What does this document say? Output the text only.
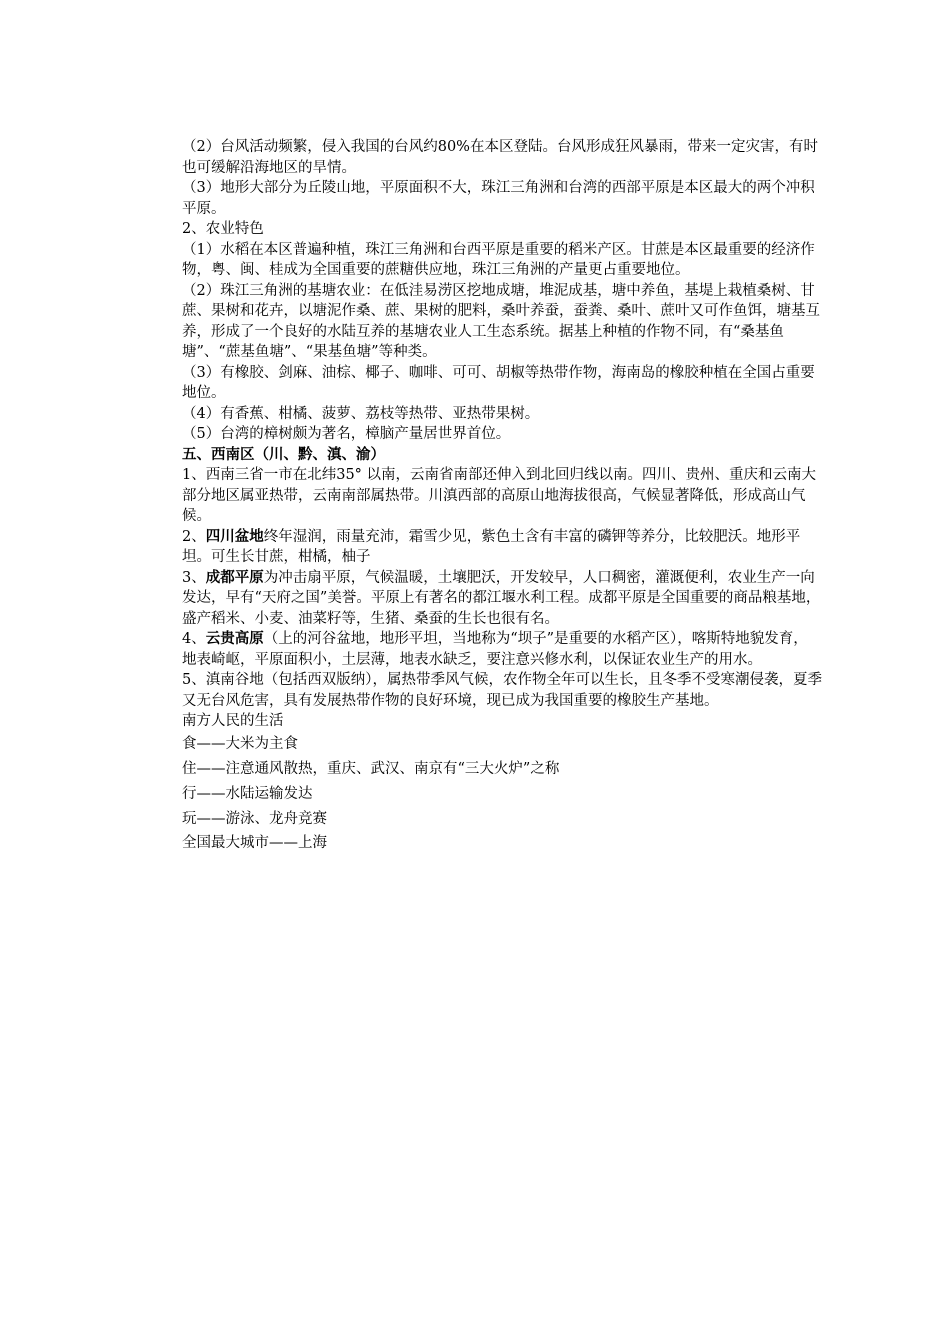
（2）台风活动频繁，侵入我国的台风约80%在本区登陆。台风形成狂风暴雨，带来一定灾害，有时也可缓解沿海地区的旱情。

（3）地形大部分为丘陵山地，平原面积不大，珠江三角洲和台湾的西部平原是本区最大的两个冲积平原。

2、农业特色

（1）水稻在本区普遍种植，珠江三角洲和台西平原是重要的稻米产区。甘蔗是本区最重要的经济作物，粤、闽、桂成为全国重要的蔗糖供应地，珠江三角洲的产量更占重要地位。

（2）珠江三角洲的基塘农业：在低洼易涝区挖地成塘，堆泥成基，塘中养鱼，基堤上栽植桑树、甘蔗、果树和花卉，以塘泥作桑、蔗、果树的肥料，桑叶养蚕，蚕粪、桑叶、蔗叶又可作鱼饵，塘基互养，形成了一个良好的水陆互养的基塘农业人工生态系统。据基上种植的作物不同，有“桑基鱼塘”、“蔗基鱼塘”、“果基鱼塘”等种类。

（3）有橡胶、剑麻、油棕、椰子、咖啡、可可、胡椒等热带作物，海南岛的橡胶种植在全国占重要地位。

（4）有香蕉、柑橘、菠萝、荔枝等热带、亚热带果树。

（5）台湾的樟树颇为著名，樟脑产量居世界首位。

五、西南区（川、黔、滇、渝）

1、西南三省一市在北纬35° 以南，云南省南部还伸入到北回归线以南。四川、贵州、重庆和云南大部分地区属亚热带，云南南部属热带。川滇西部的高原山地海拔很高，气候显著降低，形成高山气候。

2、四川盆地终年湿润，雨量充沛，霜雪少见，紫色土含有丰富的磷钾等养分，比较肥沃。地形平坦。可生长甘蔗，柑橘，柚子

3、成都平原为冲击扇平原，气候温暖，土壤肥沃，开发较早，人口稠密，灌溉便利，农业生产一向发达，早有“天府之国”美誉。平原上有著名的都江堰水利工程。成都平原是全国重要的商品粮基地，盛产稻米、小麦、油菜籽等，生猪、桑蚕的生长也很有名。

4、云贵高原（上的河谷盆地，地形平坦，当地称为“坝子”是重要的水稻产区），喀斯特地貌发育，地表崎岖，平原面积小，土层薄，地表水缺乏，要注意兴修水利，以保证农业生产的用水。

5、滇南谷地（包括西双版纳），属热带季风气候，农作物全年可以生长，且冬季不受寒潮侵袭，夏季又无台风危害，具有发展热带作物的良好环境，现已成为我国重要的橡胶生产基地。

南方人民的生活

食——大米为主食

住——注意通风散热，重庆、武汉、南京有“三大火炉”之称

行——水陆运输发达

玩——游泳、龙舟竞赛

全国最大城市——上海
